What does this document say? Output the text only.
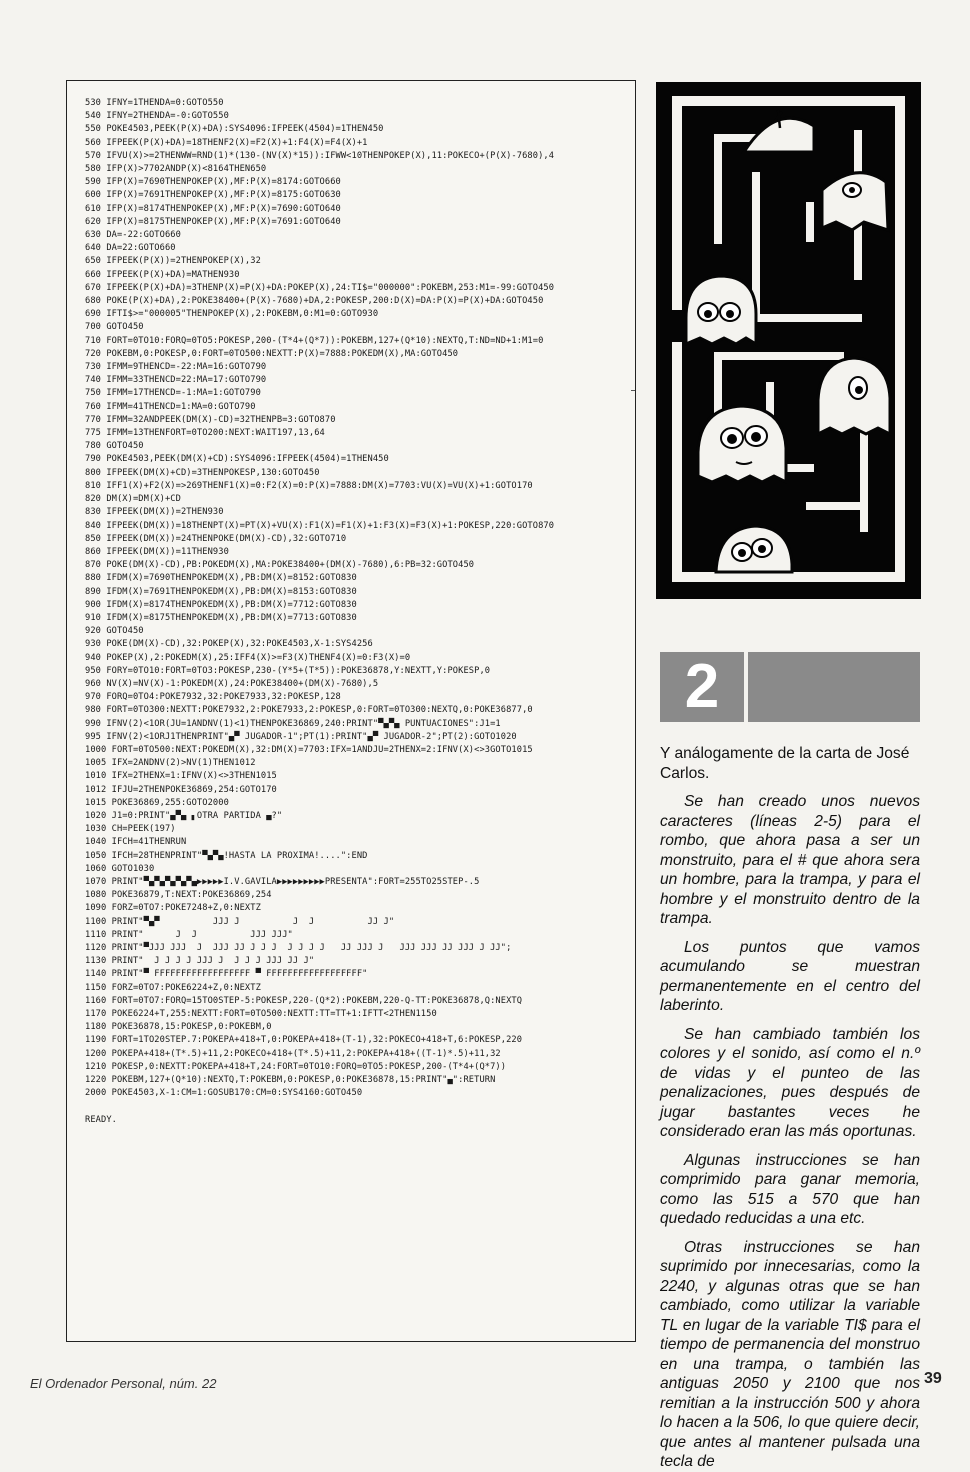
530 IFNY=1THENDA=0:GOTO550
540 IFNY=2THENDA=-0:GOTO550
550 POKE4503,PEEK(P(X)+DA):SYS4096:IFPEEK(4504)=1THEN450
560 IFPEEK(P(X)+DA)=18THENF2(X)=F2(X)+1:F4(X)=F4(X)+1
570 IFVU(X)>=2THENWW=RND(1)*(130-(NV(X)*15)):IFWW<10THENPOKEP(X),11:POKECO+(P(X)-7680),4
580 IFP(X)>7702ANDP(X)<8164THEN650
590 IFP(X)=7690THENPOKEP(X),MF:P(X)=8174:GOTO660
600 IFP(X)=7691THENPOKEP(X),MF:P(X)=8175:GOTO630
610 IFP(X)=8174THENPOKEP(X),MF:P(X)=7690:GOTO640
620 IFP(X)=8175THENPOKEP(X),MF:P(X)=7691:GOTO640
630 DA=-22:GOTO660
640 DA=22:GOTO660
650 IFPEEK(P(X))=2THENPOKEP(X),32
660 IFPEEK(P(X)+DA)=MATHEN930
670 IFPEEK(P(X)+DA)=3THENP(X)=P(X)+DA:POKEP(X),24:TI$="000000":POKEBM,253:M1=-99:GOTO450
680 POKE(P(X)+DA),2:POKE38400+(P(X)-7680)+DA,2:POKESP,200:D(X)=DA:P(X)=P(X)+DA:GOTO450
690 IFTI$>="000005"THENPOKEP(X),2:POKEBM,0:M1=0:GOTO930
700 GOTO450
710 FORT=0TO10:FORQ=0TO5:POKESP,200-(T*4+(Q*7)):POKEBM,127+(Q*10):NEXTQ,T:ND=ND+1:M1=0
720 POKEBM,0:POKESP,0:FORT=0TO500:NEXTT:P(X)=7888:POKEDM(X),MA:GOTO450
730 IFMM=9THENCD=-22:MA=16:GOTO790
740 IFMM=33THENCD=22:MA=17:GOTO790
750 IFMM=17THENCD=-1:MA=1:GOTO790
760 IFMM=41THENCD=1:MA=0:GOTO790
770 IFMM=32ANDPEEK(DM(X)-CD)=32THENPB=3:GOTO870
775 IFMM=13THENFORT=0TO200:NEXT:WAIT197,13,64
780 GOTO450
790 POKE4503,PEEK(DM(X)+CD):SYS4096:IFPEEK(4504)=1THEN450
800 IFPEEK(DM(X)+CD)=3THENPOKESP,130:GOTO450
810 IFF1(X)+F2(X)=>269THENF1(X)=0:F2(X)=0:P(X)=7888:DM(X)=7703:VU(X)=VU(X)+1:GOTO170
820 DM(X)=DM(X)+CD
830 IFPEEK(DM(X))=2THEN930
840 IFPEEK(DM(X))=18THENPT(X)=PT(X)+VU(X):F1(X)=F1(X)+1:F3(X)=F3(X)+1:POKESP,220:GOTO870
850 IFPEEK(DM(X))=24THENPOKE(DM(X)-CD),32:GOTO710
860 IFPEEK(DM(X))=11THEN930
870 POKE(DM(X)-CD),PB:POKEDM(X),MA:POKE38400+(DM(X)-7680),6:PB=32:GOTO450
880 IFDM(X)=7690THENPOKEDM(X),PB:DM(X)=8152:GOTO830
890 IFDM(X)=7691THENPOKEDM(X),PB:DM(X)=8153:GOTO830
900 IFDM(X)=8174THENPOKEDM(X),PB:DM(X)=7712:GOTO830
910 IFDM(X)=8175THENPOKEDM(X),PB:DM(X)=7713:GOTO830
920 GOTO450
930 POKE(DM(X)-CD),32:POKEP(X),32:POKE4503,X-1:SYS4256
940 POKEP(X),2:POKEDM(X),25:IFF4(X)>=F3(X)THENF4(X)=0:F3(X)=0
950 FORY=0TO10:FORT=0TO3:POKESP,230-(Y*5+(T*5)):POKE36878,Y:NEXTT,Y:POKESP,0
960 NV(X)=NV(X)-1:POKEDM(X),24:POKE38400+(DM(X)-7680),5
970 FORQ=0TO4:POKE7932,32:POKE7933,32:POKESP,128
980 FORT=0TO300:NEXTT:POKE7932,2:POKE7933,2:POKESP,0:FORT=0TO300:NEXTQ,0:POKE36877,0
990 IFNV(2)<1OR(JU=1ANDNV(1)<1)THENPOKE36869,240:PRINT"▀▄▀▄ PUNTUACIONES":J1=1
995 IFNV(2)<1ORJ1THENPRINT"▄▀ JUGADOR-1";PT(1):PRINT"▄▀ JUGADOR-2";PT(2):GOTO1020
1000 FORT=0TO500:NEXT:POKEDM(X),32:DM(X)=7703:IFX=1ANDJU=2THENX=2:IFNV(X)<>3GOTO1015
1005 IFX=2ANDNV(2)>NV(1)THEN1012
1010 IFX=2THENX=1:IFNV(X)<>3THEN1015
1012 IFJU=2THENPOKE36869,254:GOTO170
1015 POKE36869,255:GOTO2000
1020 J1=0:PRINT"▄▀▄ ▖OTRA PARTIDA ▄?"
1030 CH=PEEK(197)
1040 IFCH=41THENRUN
1050 IFCH=28THENPRINT"▀▄▀▄!HASTA LA PROXIMA!....":END
1060 GOTO1030
1070 PRINT"▀▄▀▄▀▄▀▄▀▄▶▶▶▶▶I.V.GAVILA▶▶▶▶▶▶▶▶▶PRESENTA":FORT=255TO25STEP-.5
1080 POKE36879,T:NEXT:POKE36869,254
1090 FORZ=0TO7:POKE7248+Z,0:NEXTZ
1100 PRINT"▀▄▀          JJJ J          J  J          JJ J"
1110 PRINT"      J  J          JJJ JJJ"
1120 PRINT"▀JJJ JJJ  J  JJJ JJ J J J  J J J J   JJ JJJ J   JJJ JJJ JJ JJJ J JJ";
1130 PRINT"  J J J J JJJ J  J J J JJJ JJ J"
1140 PRINT"▀ FFFFFFFFFFFFFFFFFF ▀ FFFFFFFFFFFFFFFFFF"
1150 FORZ=0TO7:POKE6224+Z,0:NEXTZ
1160 FORT=0TO7:FORQ=15TO0STEP-5:POKESP,220-(Q*2):POKEBM,220-Q-TT:POKE36878,Q:NEXTQ
1170 POKE6224+T,255:NEXTT:FORT=0TO500:NEXTT:TT=TT+1:IFTT<2THEN1150
1180 POKE36878,15:POKESP,0:POKEBM,0
1190 FORT=1TO20STEP.7:POKEPA+418+T,0:POKEPA+418+(T-1),32:POKECO+418+T,6:POKESP,220
1200 POKEPA+418+(T*.5)+11,2:POKECO+418+(T*.5)+11,2:POKEPA+418+((T-1)*.5)+11,32
1210 POKESP,0:NEXTT:POKEPA+418+T,24:FORT=0TO10:FORQ=0TO5:POKESP,200-(T*4+(Q*7))
1220 POKEBM,127+(Q*10):NEXTQ,T:POKEBM,0:POKESP,0:POKE36878,15:PRINT"▄":RETURN
2000 POKE4503,X-1:CM=1:GOSUB170:CM=0:SYS4160:GOTO450
READY.
2

Y análogamente de la carta de José Carlos.

Se han creado unos nuevos caracteres (líneas 2-5) para el rombo, que ahora pasa a ser un monstruito, para el # que ahora sera un hombre, para la trampa, y para el hombre y el monstruito dentro de la trampa.

Los puntos que vamos acumulando se muestran permanentemente en el centro del laberinto.

Se han cambiado también los colores y el sonido, así como el n.º de vidas y el punteo de las penalizaciones, pues después de jugar bastantes veces he considerado eran las más oportunas.

Algunas instrucciones se han comprimido para ganar memoria, como las 515 a 570 que han quedado reducidas a una etc.

Otras instrucciones se han suprimido por innecesarias, como la 2240, y algunas otras que se han cambiado, como utilizar la variable TL en lugar de la variable TI$ para el tiempo de permanencia del monstruo en una trampa, o también las antiguas 2050 y 2100 que nos remitian a la instrucción 500 y ahora lo hacen a la 506, lo que quiere decir, que antes al mantener pulsada una tecla de

El Ordenador Personal, núm. 22	39
